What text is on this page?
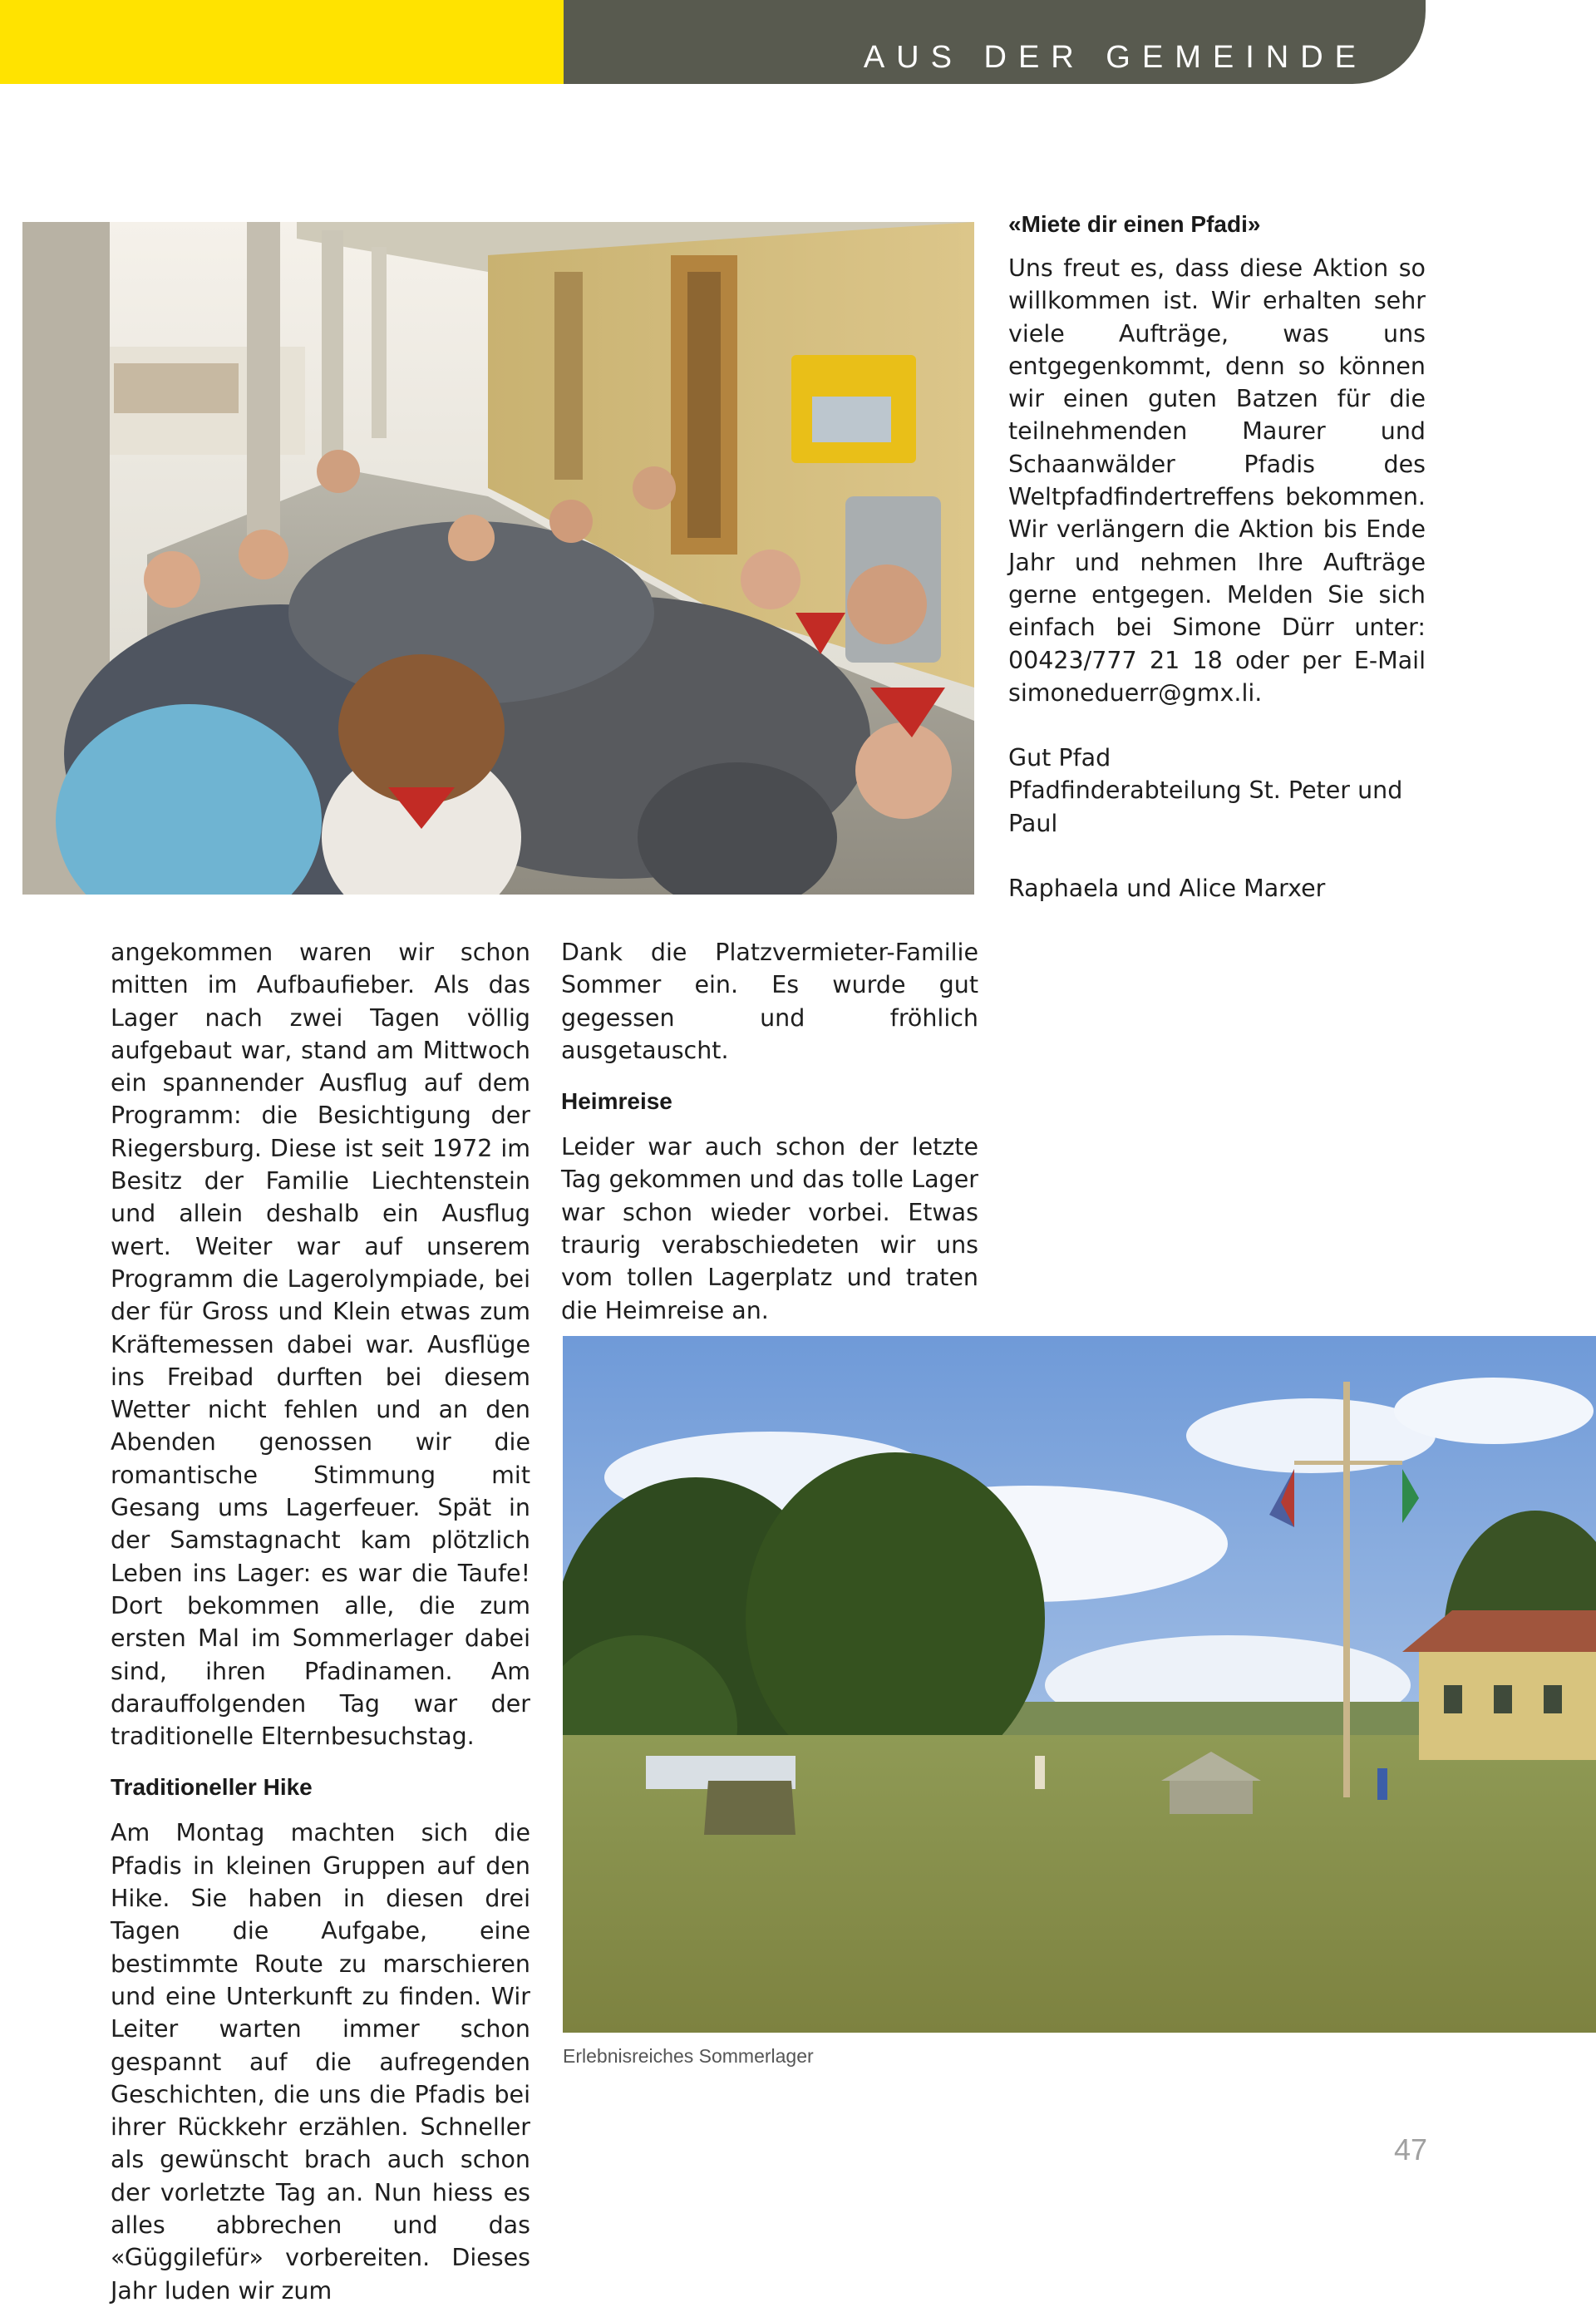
AUS DER GEMEINDE
«Miete dir einen Pfadi»

Uns freut es, dass diese Aktion so willkommen ist. Wir erhalten sehr viele Aufträge, was uns entgegenkommt, denn so können wir einen guten Batzen für die teilnehmenden Maurer und Schaanwälder Pfadis des Weltpfadfindertreffens bekommen. Wir verlängern die Aktion bis Ende Jahr und nehmen Ihre Aufträge gerne entgegen. Melden Sie sich einfach bei Simone Dürr unter: 00423/777 21 18 oder per E-Mail simoneduerr@gmx.li.

Gut Pfad

Pfadfinderabteilung St. Peter und Paul

Raphaela und Alice Marxer

angekommen waren wir schon mitten im Aufbaufieber. Als das Lager nach zwei Tagen völlig aufgebaut war, stand am Mittwoch ein spannender Ausflug auf dem Programm: die Besichtigung der Riegersburg. Diese ist seit 1972 im Besitz der Familie Liechtenstein und allein deshalb ein Ausflug wert. Weiter war auf unserem Programm die Lagerolympiade, bei der für Gross und Klein etwas zum Kräftemessen dabei war. Ausflüge ins Freibad durften bei diesem Wetter nicht fehlen und an den Abenden genossen wir die romantische Stimmung mit Gesang ums Lagerfeuer. Spät in der Samstagnacht kam plötzlich Leben ins Lager: es war die Taufe! Dort bekommen alle, die zum ersten Mal im Sommerlager dabei sind, ihren Pfadinamen. Am darauffolgenden Tag war der traditionelle Elternbesuchstag.

Traditioneller Hike

Am Montag machten sich die Pfadis in kleinen Gruppen auf den Hike. Sie haben in diesen drei Tagen die Aufgabe, eine bestimmte Route zu marschieren und eine Unterkunft zu finden. Wir Leiter warten immer schon gespannt auf die aufregenden Geschichten, die uns die Pfadis bei ihrer Rückkehr erzählen. Schneller als gewünscht brach auch schon der vorletzte Tag an. Nun hiess es alles abbrechen und das «Güggilefür» vorbereiten. Dieses Jahr luden wir zum

Dank die Platzvermieter-Familie Sommer ein. Es wurde gut gegessen und fröhlich ausgetauscht.

Heimreise

Leider war auch schon der letzte Tag gekommen und das tolle Lager war schon wieder vorbei. Etwas traurig verabschiedeten wir uns vom tollen Lagerplatz und traten die Heimreise an.

Erlebnisreiches Sommerlager

47
